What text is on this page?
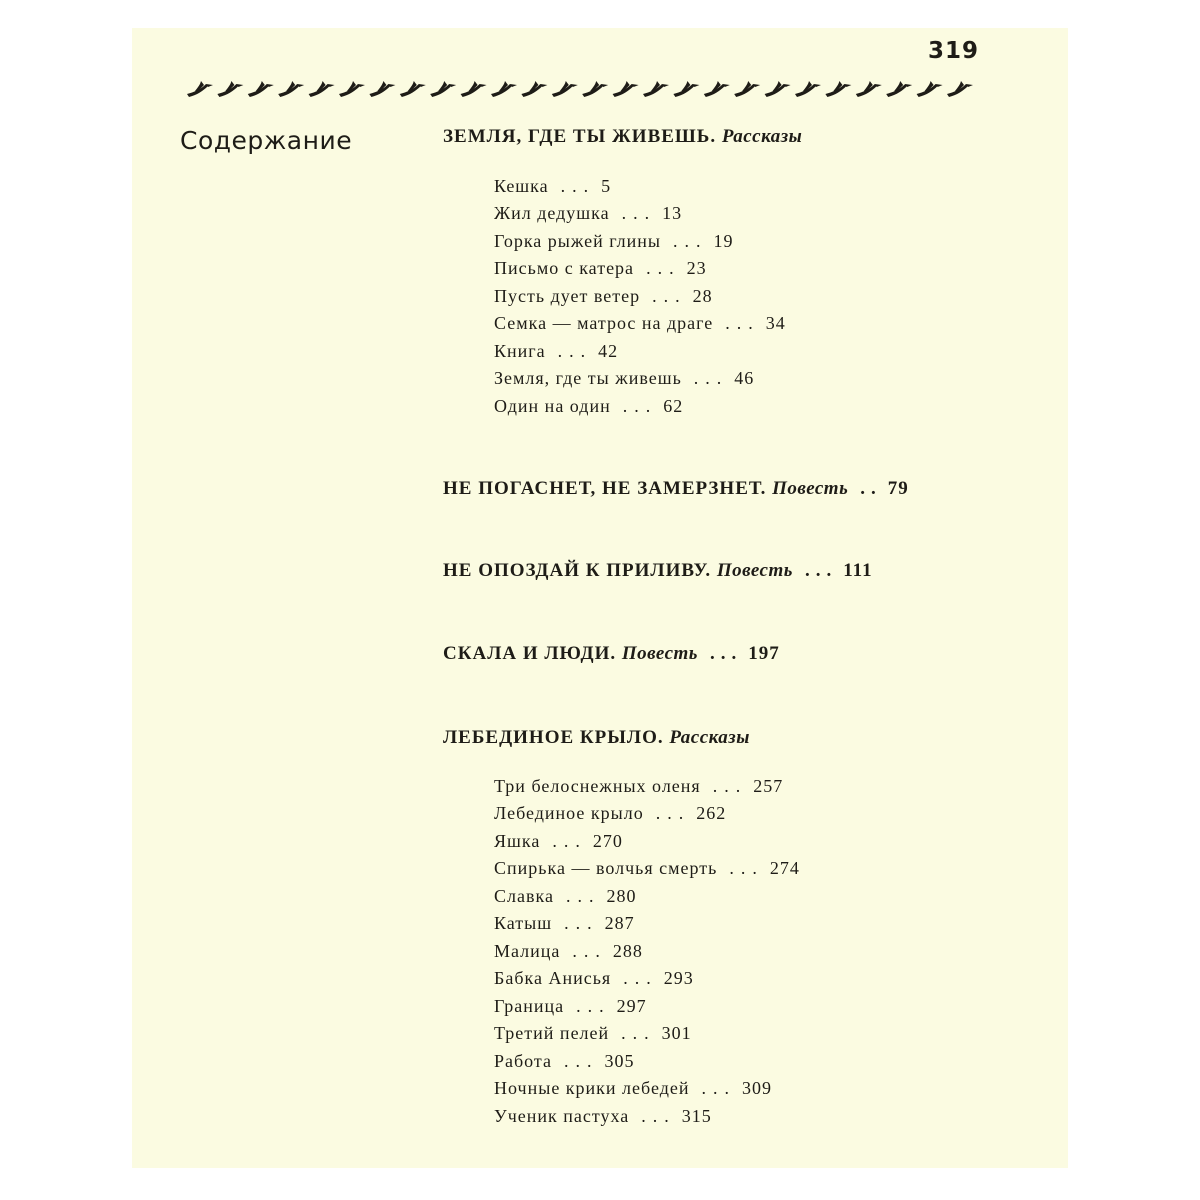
319
Содержание	ЗЕМЛЯ, ГДЕ ТЫ ЖИВЕШЬ. Рассказы
Кешка ... 5
Жил дедушка ... 13
Горка рыжей глины ... 19
Письмо с катера ... 23
Пусть дует ветер ... 28
Семка — матрос на драге ... 34
Книга ... 42
Земля, где ты живешь ... 46
Один на один ... 62
НЕ ПОГАСНЕТ, НЕ ЗАМЕРЗНЕТ. Повесть .. 79
НЕ ОПОЗДАЙ К ПРИЛИВУ. Повесть ... 111
СКАЛА И ЛЮДИ. Повесть ... 197
ЛЕБЕДИНОЕ КРЫЛО. Рассказы
Три белоснежных оленя ... 257
Лебединое крыло ... 262
Яшка ... 270
Спирька — волчья смерть ... 274
Славка ... 280
Катыш ... 287
Малица ... 288
Бабка Анисья ... 293
Граница ... 297
Третий пелей ... 301
Работа ... 305
Ночные крики лебедей ... 309
Ученик пастуха ... 315
